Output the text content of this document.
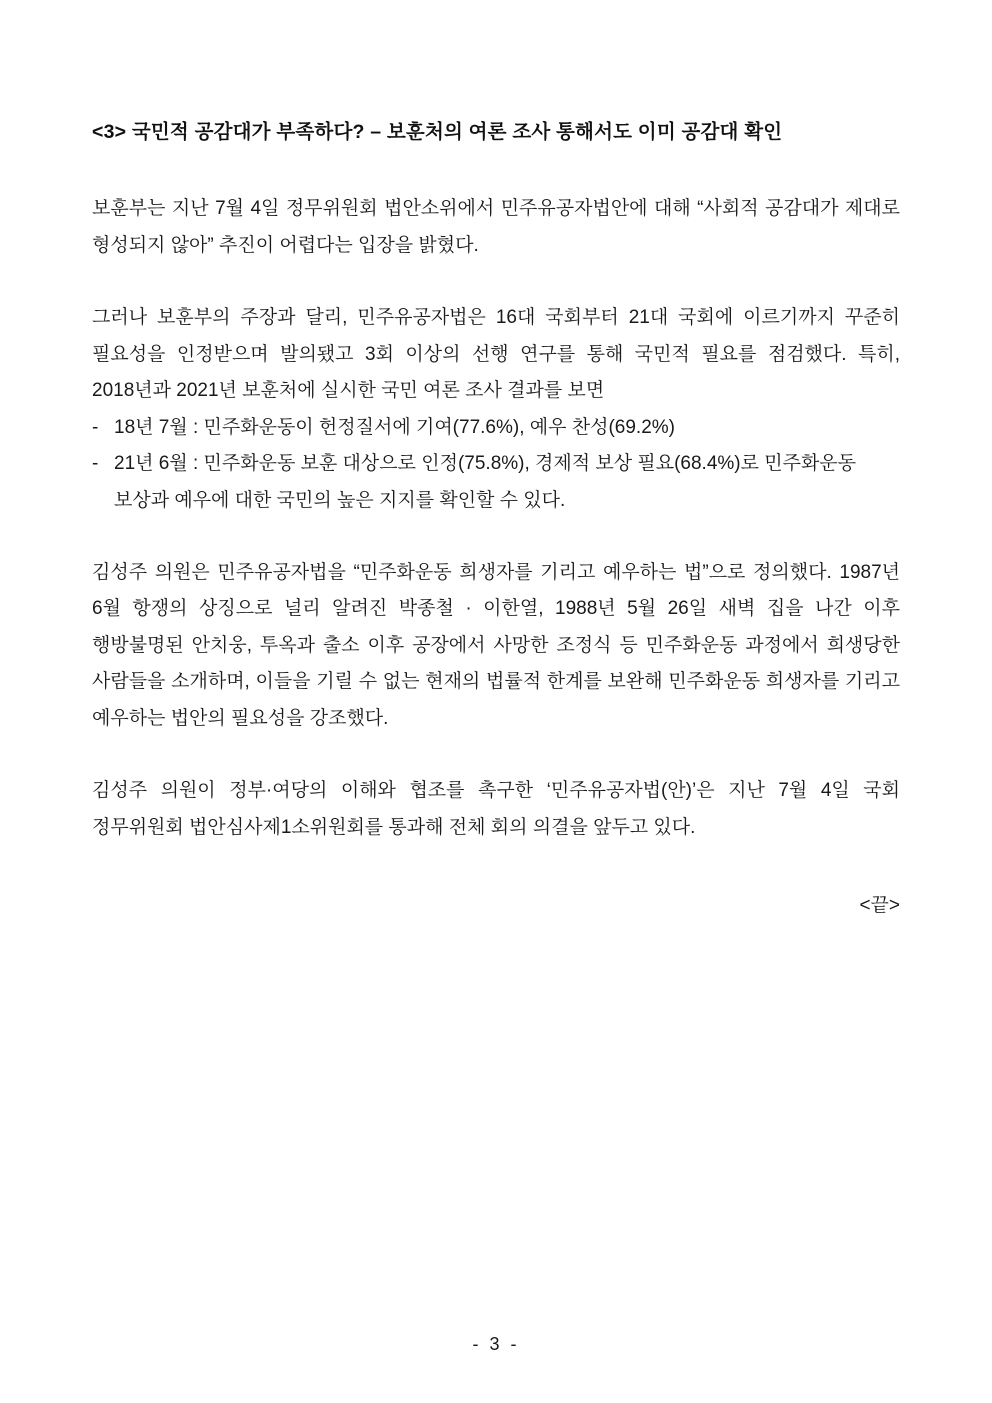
<3> 국민적 공감대가 부족하다? – 보훈처의 여론 조사 통해서도 이미 공감대 확인

보훈부는 지난 7월 4일 정무위원회 법안소위에서 민주유공자법안에 대해 “사회적 공감대가 제대로 형성되지 않아” 추진이 어렵다는 입장을 밝혔다.

그러나 보훈부의 주장과 달리, 민주유공자법은 16대 국회부터 21대 국회에 이르기까지 꾸준히 필요성을 인정받으며 발의됐고 3회 이상의 선행 연구를 통해 국민적 필요를 점검했다. 특히, 2018년과 2021년 보훈처에 실시한 국민 여론 조사 결과를 보면

- 18년 7월 : 민주화운동이 헌정질서에 기여(77.6%), 예우 찬성(69.2%)
- 21년 6월 : 민주화운동 보훈 대상으로 인정(75.8%), 경제적 보상 필요(68.4%)로 민주화운동 보상과 예우에 대한 국민의 높은 지지를 확인할 수 있다.

김성주 의원은 민주유공자법을 “민주화운동 희생자를 기리고 예우하는 법”으로 정의했다. 1987년 6월 항쟁의 상징으로 널리 알려진 박종철 · 이한열, 1988년 5월 26일 새벽 집을 나간 이후 행방불명된 안치웅, 투옥과 출소 이후 공장에서 사망한 조정식 등 민주화운동 과정에서 희생당한 사람들을 소개하며, 이들을 기릴 수 없는 현재의 법률적 한계를 보완해 민주화운동 희생자를 기리고 예우하는 법안의 필요성을 강조했다.

김성주 의원이 정부·여당의 이해와 협조를 촉구한 ‘민주유공자법(안)’은 지난 7월 4일 국회 정무위원회 법안심사제1소위원회를 통과해 전체 회의 의결을 앞두고 있다.

<끝>

- 3 -
